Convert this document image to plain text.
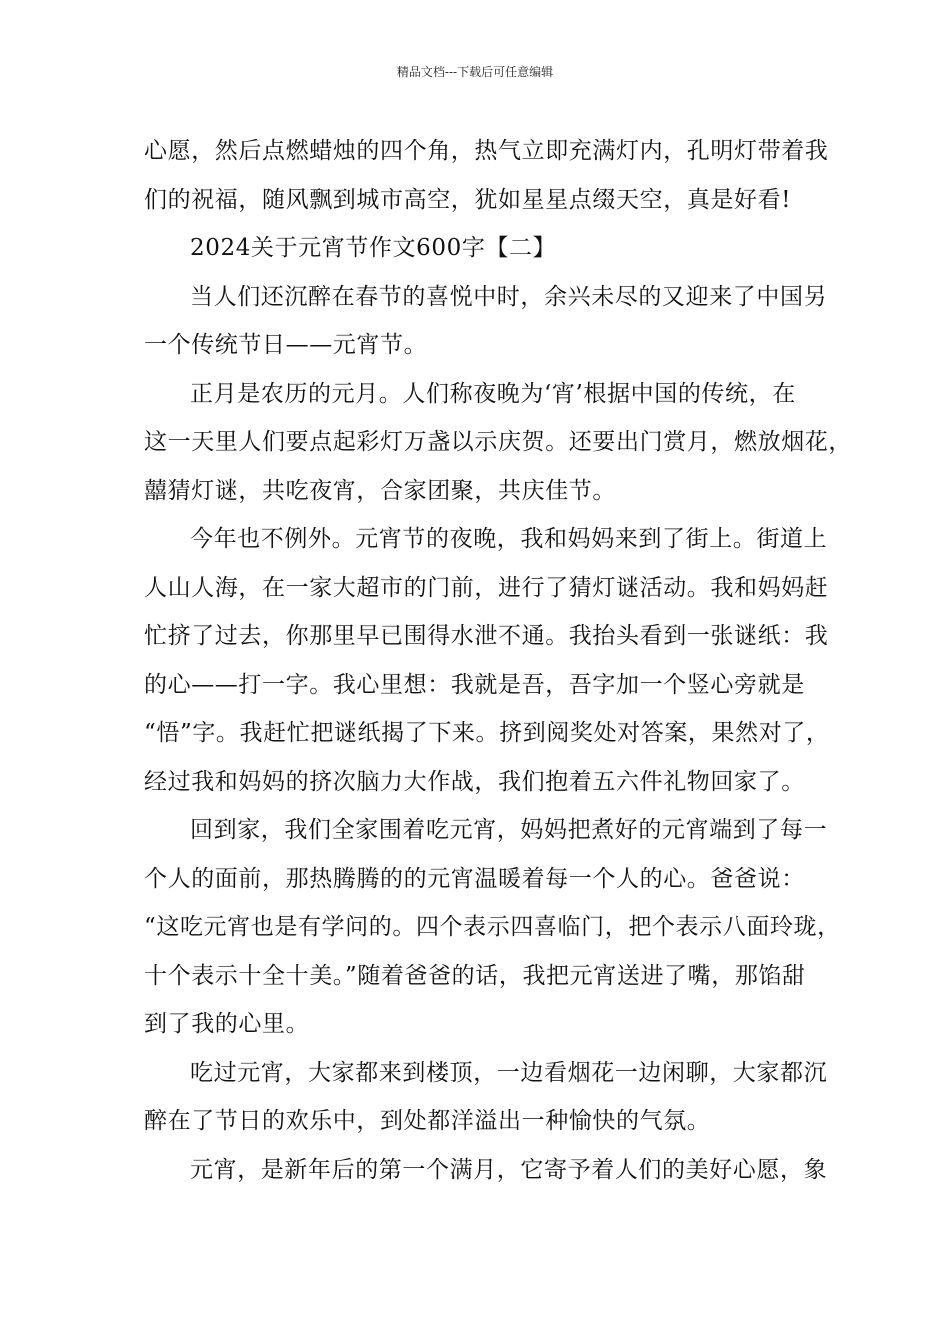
精品文档---下载后可任意编辑

心愿，然后点燃蜡烛的四个角，热气立即充满灯内，孔明灯带着我
们的祝福，随风飘到城市高空，犹如星星点缀天空，真是好看!

2024关于元宵节作文600字【二】

当人们还沉醉在春节的喜悦中时，余兴未尽的又迎来了中国另
一个传统节日——元宵节。

正月是农历的元月。人们称夜晚为‘宵’根据中国的传统，在
这一天里人们要点起彩灯万盏以示庆贺。还要出门赏月，燃放烟花，
囍猜灯谜，共吃夜宵，合家团聚，共庆佳节。

今年也不例外。元宵节的夜晚，我和妈妈来到了街上。街道上
人山人海，在一家大超市的门前，进行了猜灯谜活动。我和妈妈赶
忙挤了过去，你那里早已围得水泄不通。我抬头看到一张谜纸：我
的心——打一字。我心里想：我就是吾，吾字加一个竖心旁就是
“悟”字。我赶忙把谜纸揭了下来。挤到阅奖处对答案，果然对了，
经过我和妈妈的挤次脑力大作战，我们抱着五六件礼物回家了。

回到家，我们全家围着吃元宵，妈妈把煮好的元宵端到了每一
个人的面前，那热腾腾的的元宵温暖着每一个人的心。爸爸说：
“这吃元宵也是有学问的。四个表示四喜临门，把个表示八面玲珑，
十个表示十全十美。”随着爸爸的话，我把元宵送进了嘴，那馅甜
到了我的心里。

吃过元宵，大家都来到楼顶，一边看烟花一边闲聊，大家都沉
醉在了节日的欢乐中，到处都洋溢出一种愉快的气氛。

元宵，是新年后的第一个满月，它寄予着人们的美好心愿，象
